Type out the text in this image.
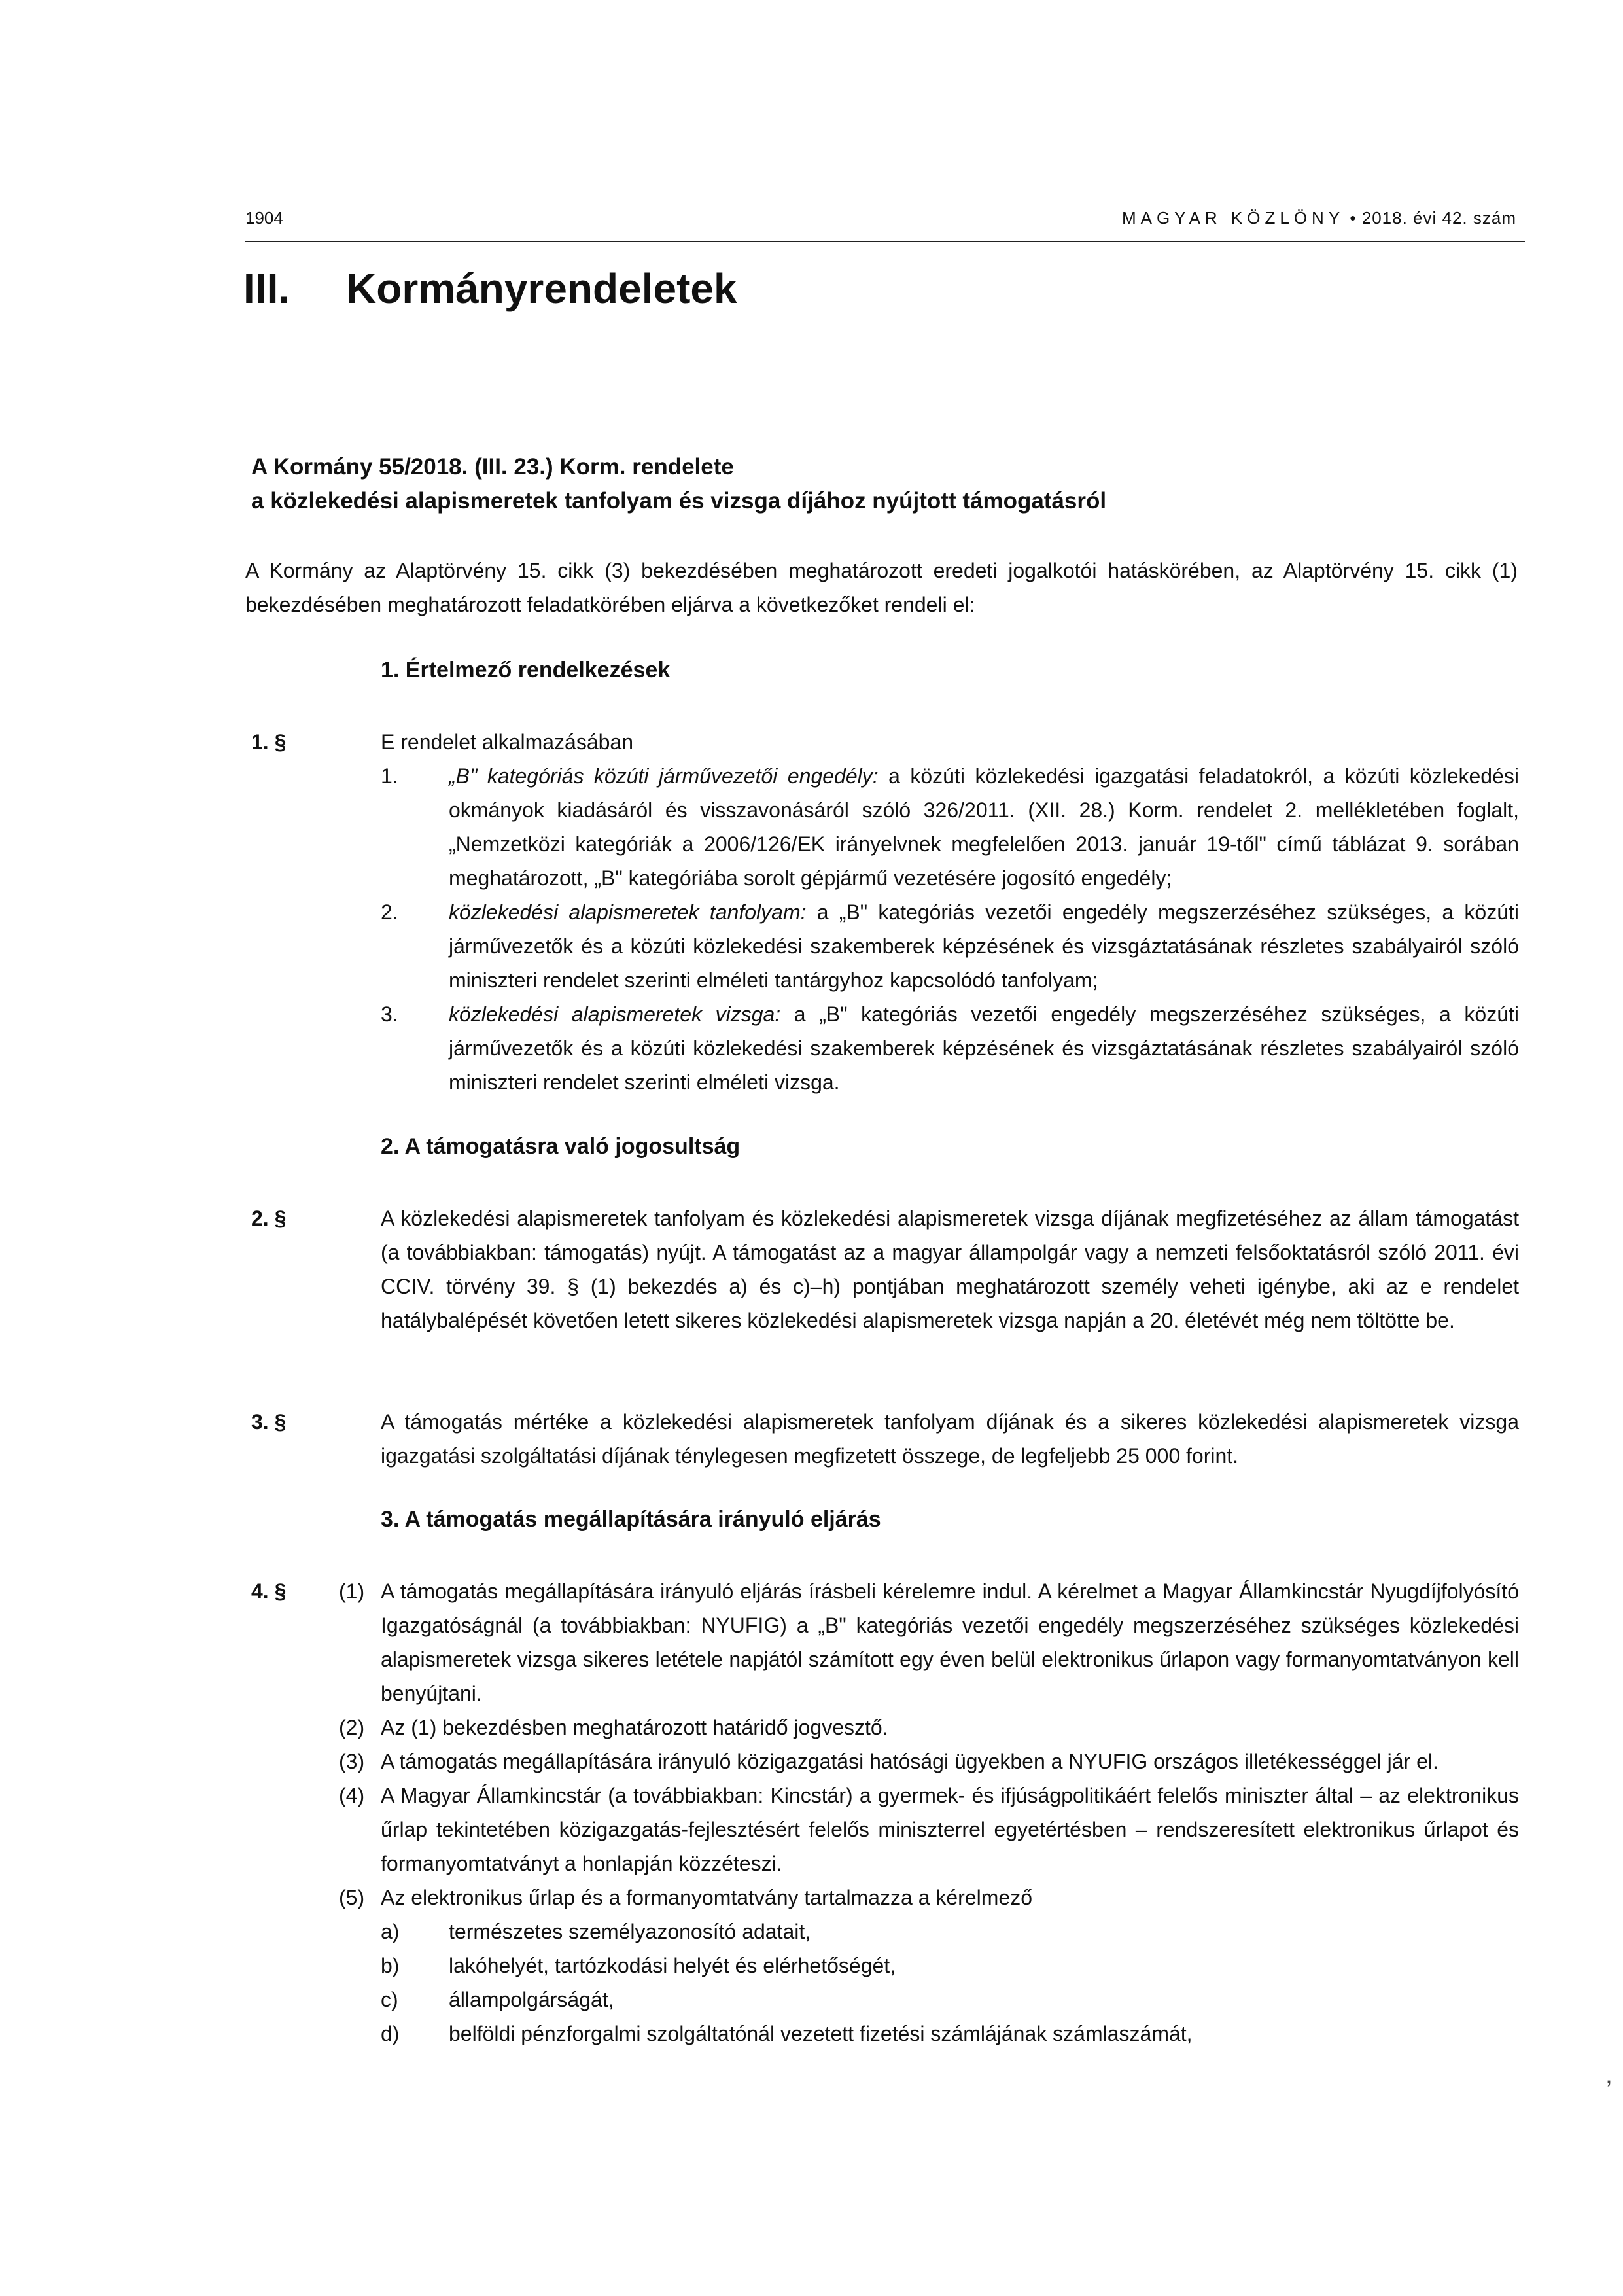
1904	MAGYAR KÖZLÖNY • 2018. évi 42. szám
III. Kormányrendeletek
A Kormány 55/2018. (III. 23.) Korm. rendelete
a közlekedési alapismeretek tanfolyam és vizsga díjához nyújtott támogatásról
A Kormány az Alaptörvény 15. cikk (3) bekezdésében meghatározott eredeti jogalkotói hatáskörében, az Alaptörvény 15. cikk (1) bekezdésében meghatározott feladatkörében eljárva a következőket rendeli el:
1. Értelmező rendelkezések
1. §	E rendelet alkalmazásában
1. „B" kategóriás közúti járművezetői engedély: a közúti közlekedési igazgatási feladatokról, a közúti közlekedési okmányok kiadásáról és visszavonásáról szóló 326/2011. (XII. 28.) Korm. rendelet 2. mellékletében foglalt, „Nemzetközi kategóriák a 2006/126/EK irányelvnek megfelelően 2013. január 19-től" című táblázat 9. sorában meghatározott, „B" kategóriába sorolt gépjármű vezetésére jogosító engedély;
2. közlekedési alapismeretek tanfolyam: a „B" kategóriás vezetői engedély megszerzéséhez szükséges, a közúti járművezetők és a közúti közlekedési szakemberek képzésének és vizsgáztatásának részletes szabályairól szóló miniszteri rendelet szerinti elméleti tantárgyhoz kapcsolódó tanfolyam;
3. közlekedési alapismeretek vizsga: a „B" kategóriás vezetői engedély megszerzéséhez szükséges, a közúti járművezetők és a közúti közlekedési szakemberek képzésének és vizsgáztatásának részletes szabályairól szóló miniszteri rendelet szerinti elméleti vizsga.
2. A támogatásra való jogosultság
2. §	A közlekedési alapismeretek tanfolyam és közlekedési alapismeretek vizsga díjának megfizetéséhez az állam támogatást (a továbbiakban: támogatás) nyújt. A támogatást az a magyar állampolgár vagy a nemzeti felsőoktatásról szóló 2011. évi CCIV. törvény 39. § (1) bekezdés a) és c)–h) pontjában meghatározott személy veheti igénybe, aki az e rendelet hatálybalépését követően letett sikeres közlekedési alapismeretek vizsga napján a 20. életévét még nem töltötte be.
3. §	A támogatás mértéke a közlekedési alapismeretek tanfolyam díjának és a sikeres közlekedési alapismeretek vizsga igazgatási szolgáltatási díjának ténylegesen megfizetett összege, de legfeljebb 25 000 forint.
3. A támogatás megállapítására irányuló eljárás
4. §	(1) A támogatás megállapítására irányuló eljárás írásbeli kérelemre indul. A kérelmet a Magyar Államkincstár Nyugdíjfolyósító Igazgatóságnál (a továbbiakban: NYUFIG) a „B" kategóriás vezetői engedély megszerzéséhez szükséges közlekedési alapismeretek vizsga sikeres letétele napjától számított egy éven belül elektronikus űrlapon vagy formanyomtatványon kell benyújtani.
(2) Az (1) bekezdésben meghatározott határidő jogvesztő.
(3) A támogatás megállapítására irányuló közigazgatási hatósági ügyekben a NYUFIG országos illetékességgel jár el.
(4) A Magyar Államkincstár (a továbbiakban: Kincstár) a gyermek- és ifjúságpolitikáért felelős miniszter által – az elektronikus űrlap tekintetében közigazgatás-fejlesztésért felelős miniszterrel egyetértésben – rendszeresített elektronikus űrlapot és formanyomtatványt a honlapján közzéteszi.
(5) Az elektronikus űrlap és a formanyomtatvány tartalmazza a kérelmező
a) természetes személyazonosító adatait,
b) lakóhelyét, tartózkodási helyét és elérhetőségét,
c) állampolgárságát,
d) belföldi pénzforgalmi szolgáltatónál vezetett fizetési számlájának számlaszámát,
’
